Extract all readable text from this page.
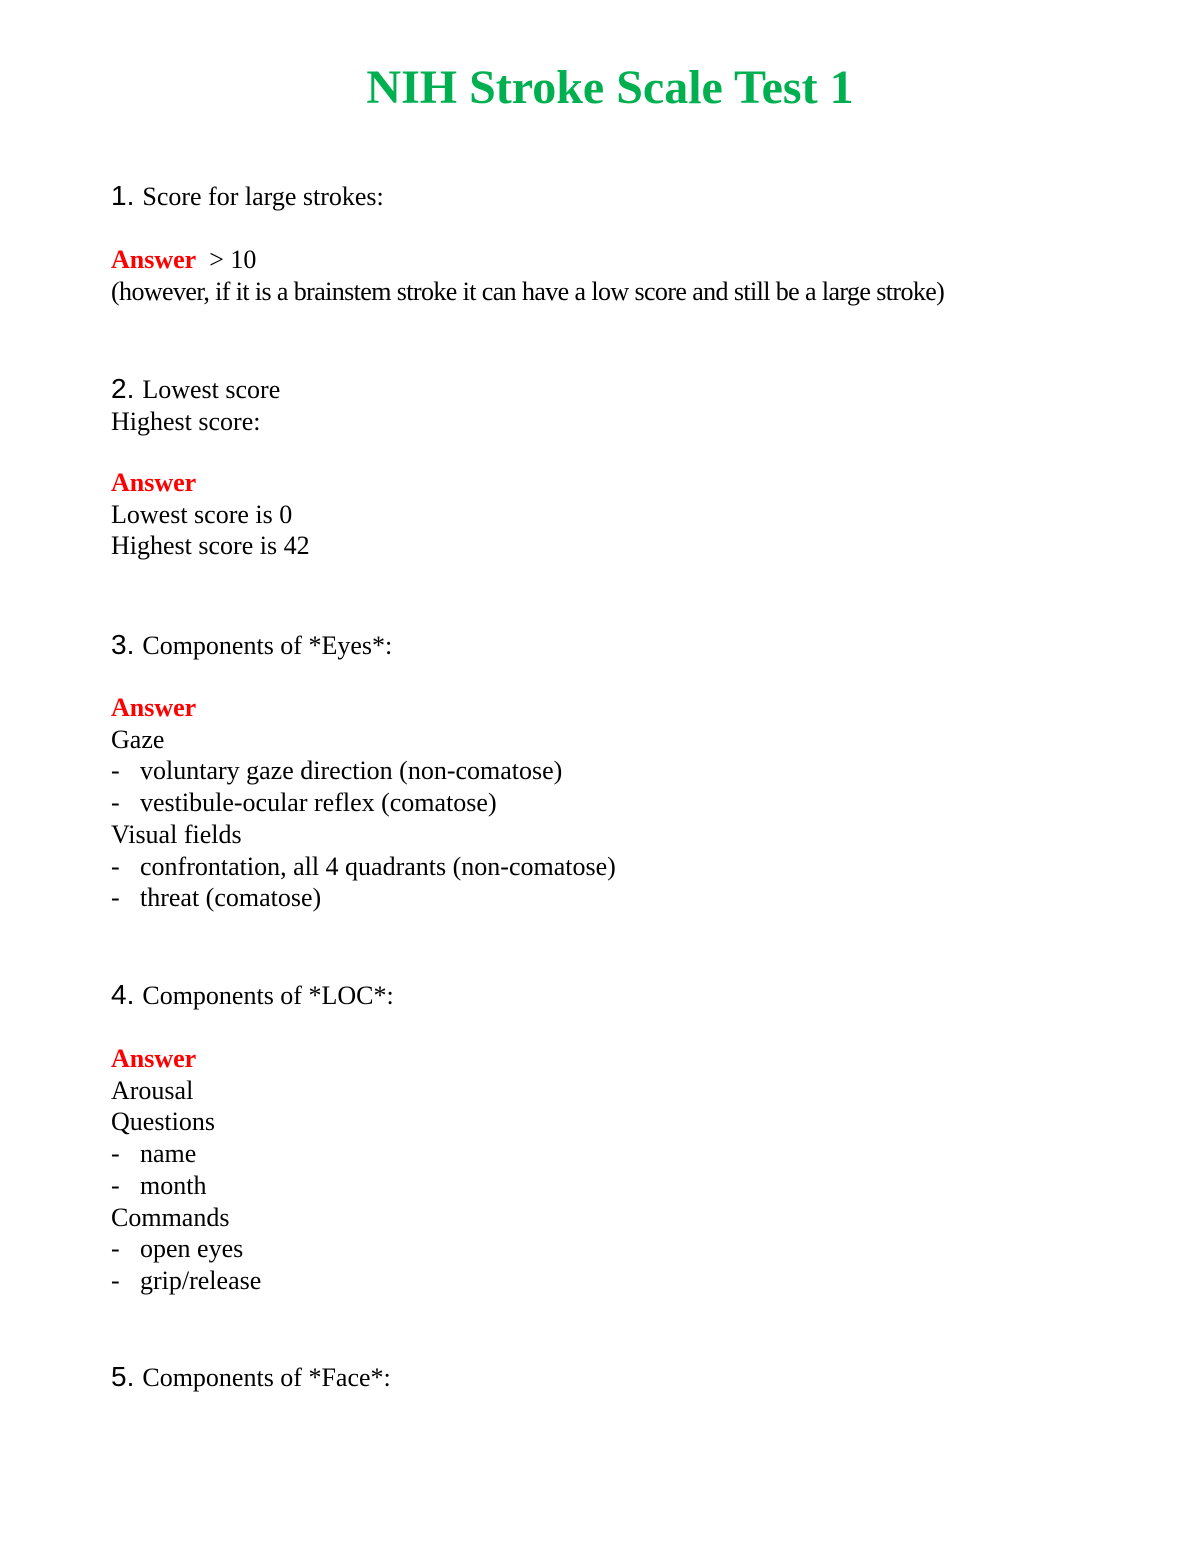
NIH Stroke Scale Test 1
1. Score for large strokes:
Answer > 10
(however, if it is a brainstem stroke it can have a low score and still be a large stroke)
2. Lowest score
Highest score:
Answer
Lowest score is 0
Highest score is 42
3. Components of *Eyes*:
Answer
Gaze
- voluntary gaze direction (non-comatose)
- vestibule-ocular reflex (comatose)
Visual fields
- confrontation, all 4 quadrants (non-comatose)
- threat (comatose)
4. Components of *LOC*:
Answer
Arousal
Questions
- name
- month
Commands
- open eyes
- grip/release
5. Components of *Face*:
